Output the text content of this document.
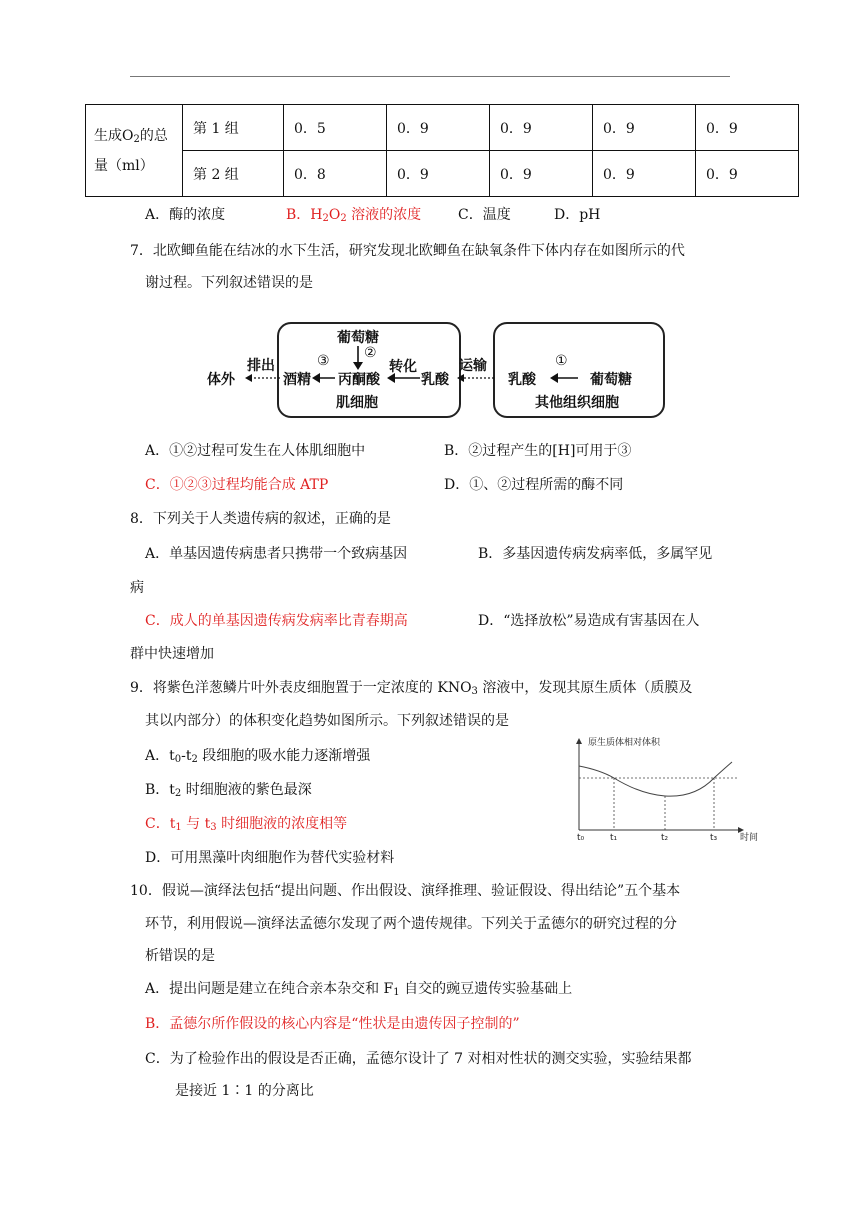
生成$O_2$的总
量（ml）	第 1 组	0．5	0．9	0．9	0．9	0．9
	第 2 组	0．8	0．9	0．9	0．9	0．9
A．酶的浓度	B．$H_2O_2$ 溶液的浓度	C．温度	D．pH
7．北欧鲫鱼能在结冰的水下生活，研究发现北欧鲫鱼在缺氧条件下体内存在如图所示的代
谢过程。下列叙述错误的是
葡萄糖
②
③	转化
酒精 丙酮酸	乳酸
肌细胞
体外
排出	运输
乳酸
①
葡萄糖
其他组织细胞
A．①②过程可发生在人体肌细胞中	B．②过程产生的[H]可用于③
C．①②③过程均能合成 ATP	D．①、②过程所需的酶不同
8．下列关于人类遗传病的叙述，正确的是
A．单基因遗传病患者只携带一个致病基因	B．多基因遗传病发病率低，多属罕见
病
C．成人的单基因遗传病发病率比青春期高	D．“选择放松”易造成有害基因在人
群中快速增加
9．将紫色洋葱鳞片叶外表皮细胞置于一定浓度的 $KNO_3$ 溶液中，发现其原生质体（质膜及
其以内部分）的体积变化趋势如图所示。下列叙述错误的是
A．$t_0-t_2$ 段细胞的吸水能力逐渐增强
B．$t_2$ 时细胞液的紫色最深
C．$t_1$ 与 $t_3$ 时细胞液的浓度相等
D．可用黑藻叶肉细胞作为替代实验材料
原生质体相对体积
t₀	t₁	t₂	t₃	时间
10．假说—演绎法包括“提出问题、作出假设、演绎推理、验证假设、得出结论”五个基本
环节，利用假说—演绎法孟德尔发现了两个遗传规律。下列关于孟德尔的研究过程的分
析错误的是
A．提出问题是建立在纯合亲本杂交和 $F_1$ 自交的豌豆遗传实验基础上
B．孟德尔所作假设的核心内容是“性状是由遗传因子控制的”
C．为了检验作出的假设是否正确，孟德尔设计了 7 对相对性状的测交实验，实验结果都
是接近 1∶1 的分离比
